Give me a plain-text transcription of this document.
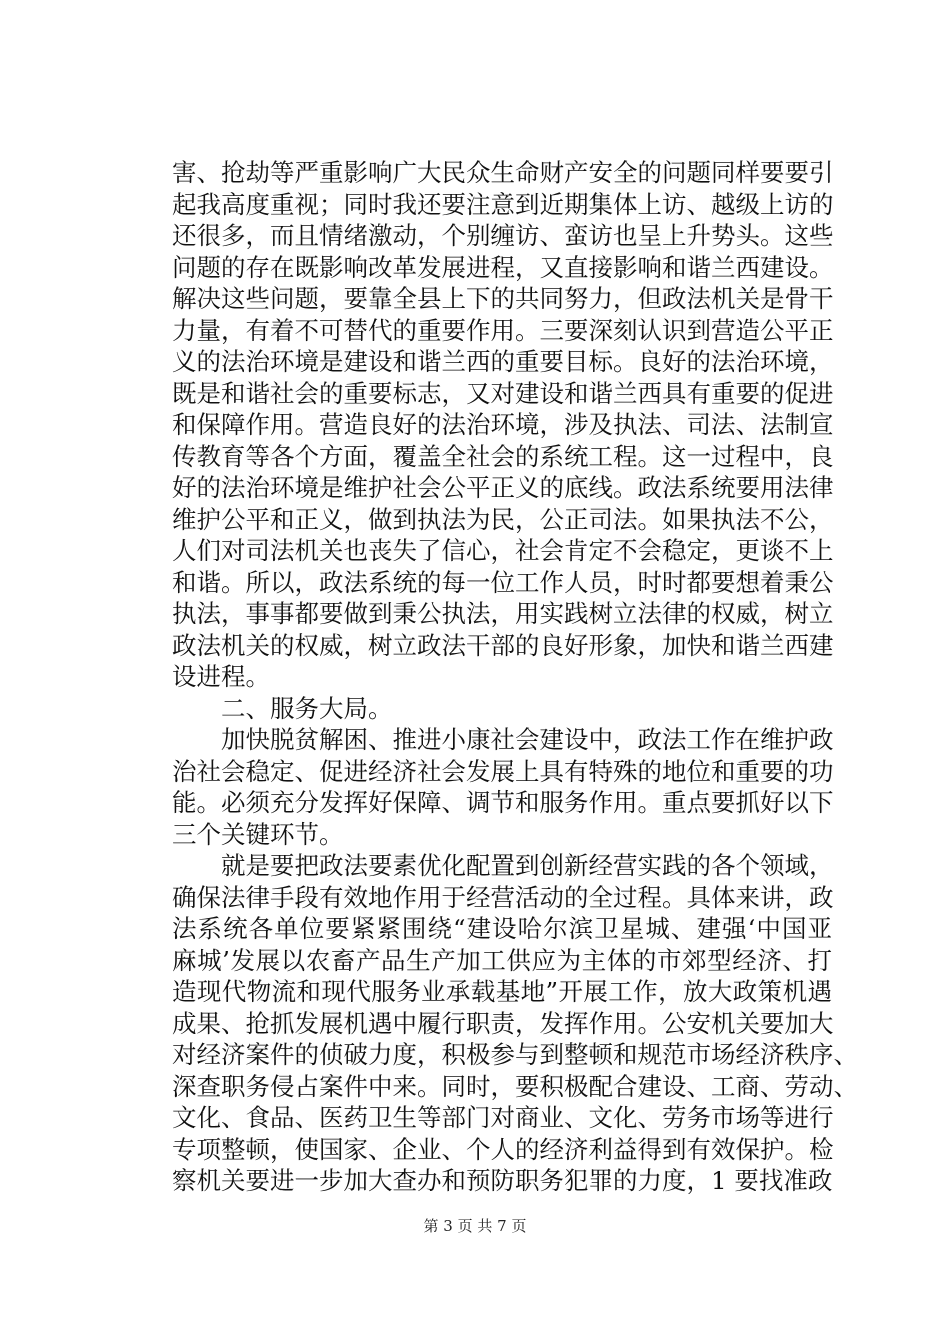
害、抢劫等严重影响广大民众生命财产安全的问题同样要要引
起我高度重视；同时我还要注意到近期集体上访、越级上访的
还很多，而且情绪激动，个别缠访、蛮访也呈上升势头。这些
问题的存在既影响改革发展进程，又直接影响和谐兰西建设。
解决这些问题，要靠全县上下的共同努力，但政法机关是骨干
力量，有着不可替代的重要作用。三要深刻认识到营造公平正
义的法治环境是建设和谐兰西的重要目标。良好的法治环境，
既是和谐社会的重要标志，又对建设和谐兰西具有重要的促进
和保障作用。营造良好的法治环境，涉及执法、司法、法制宣
传教育等各个方面，覆盖全社会的系统工程。这一过程中，良
好的法治环境是维护社会公平正义的底线。政法系统要用法律
维护公平和正义，做到执法为民，公正司法。如果执法不公，
人们对司法机关也丧失了信心，社会肯定不会稳定，更谈不上
和谐。所以，政法系统的每一位工作人员，时时都要想着秉公
执法，事事都要做到秉公执法，用实践树立法律的权威，树立
政法机关的权威，树立政法干部的良好形象，加快和谐兰西建
设进程。
二、服务大局。
加快脱贫解困、推进小康社会建设中，政法工作在维护政
治社会稳定、促进经济社会发展上具有特殊的地位和重要的功
能。必须充分发挥好保障、调节和服务作用。重点要抓好以下
三个关键环节。
就是要把政法要素优化配置到创新经营实践的各个领域，
确保法律手段有效地作用于经营活动的全过程。具体来讲，政
法系统各单位要紧紧围绕“建设哈尔滨卫星城、建强‘中国亚
麻城’发展以农畜产品生产加工供应为主体的市郊型经济、打
造现代物流和现代服务业承载基地”开展工作，放大政策机遇
成果、抢抓发展机遇中履行职责，发挥作用。公安机关要加大
对经济案件的侦破力度，积极参与到整顿和规范市场经济秩序、
深查职务侵占案件中来。同时，要积极配合建设、工商、劳动、
文化、食品、医药卫生等部门对商业、文化、劳务市场等进行
专项整顿，使国家、企业、个人的经济利益得到有效保护。检
察机关要进一步加大查办和预防职务犯罪的力度，1 要找准政
第 3 页 共 7 页
